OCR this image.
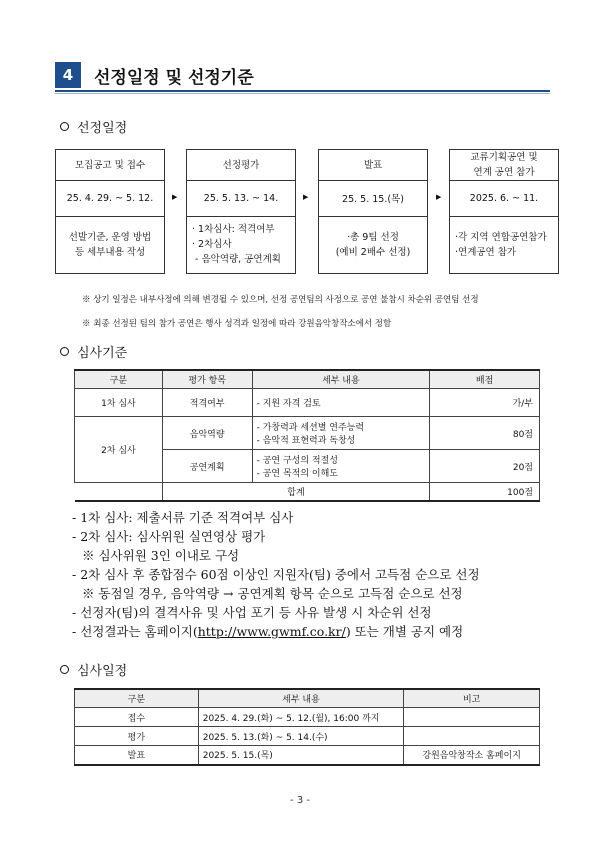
4	선정일정 및 선정기준
선정일정
모집공고 및 접수
25. 4. 29. ~ 5. 12.
선발기준, 운영 방법
등 세부내용 작성
▶
선정평가
25. 5. 13. ~ 14.
· 1차심사: 적격여부
· 2차심사
- 음악역량, 공연계획
▶
발표
25. 5. 15.(목)
·총 9팀 선정
(예비 2배수 선정)
▶
교류기획공연 및
연계 공연 참가
2025. 6. ~ 11.
·각 지역 연합공연참가
·연계공연 참가
※ 상기 일정은 내부사정에 의해 변경될 수 있으며, 선정 공연팀의 사정으로 공연 불참시 차순위 공연팀 선정
※ 최종 선정된 팀의 참가 공연은 행사 성격과 일정에 따라 강원음악창작소에서 정함
심사기준
구분	평가 항목	세부 내용	배점
1차 심사	적격여부	- 지원 자격 검토	가/부
2차 심사	음악역량	- 가창력과 세션별 연주능력
- 음악적 표현력과 독창성	80점
	공연계획	- 공연 구성의 적절성
- 공연 목적의 이해도	20점
	합계		100점
- 1차 심사: 제출서류 기준 적격여부 심사
- 2차 심사: 심사위원 실연영상 평가
※ 심사위원 3인 이내로 구성
- 2차 심사 후 종합점수 60점 이상인 지원자(팀) 중에서 고득점 순으로 선정
※ 동점일 경우, 음악역량 → 공연계획 항목 순으로 고득점 순으로 선정
- 선정자(팀)의 결격사유 및 사업 포기 등 사유 발생 시 차순위 선정
- 선정결과는 홈페이지(http://www.gwmf.co.kr/) 또는 개별 공지 예정
심사일정
구분	세부 내용	비고
접수	2025. 4. 29.(화) ~ 5. 12.(월), 16:00 까지	
평가	2025. 5. 13.(화) ~ 5. 14.(수)	
발표	2025. 5. 15.(목)	강원음악창작소 홈페이지
- 3 -
